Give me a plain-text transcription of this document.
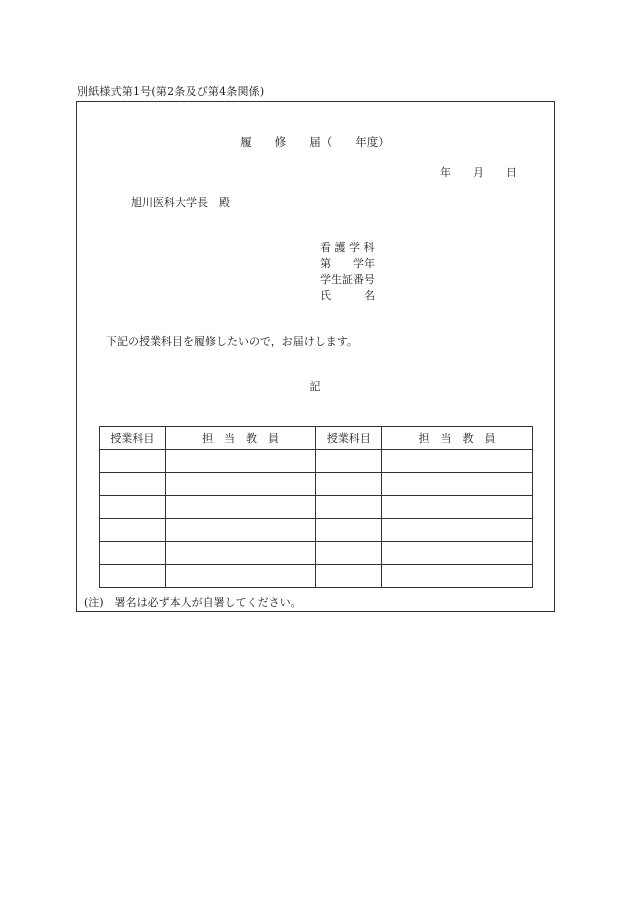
別紙様式第1号(第2条及び第4条関係)
履　　修　　届（　　年度）
年　　月　　日
旭川医科大学長　殿
看 護 学 科
第　　学年
学生証番号
氏　　　名
下記の授業科目を履修したいので，お届けします。
記
授業科目	担　当　教　員	授業科目	担　当　教　員

(注)　署名は必ず本人が自署してください。
